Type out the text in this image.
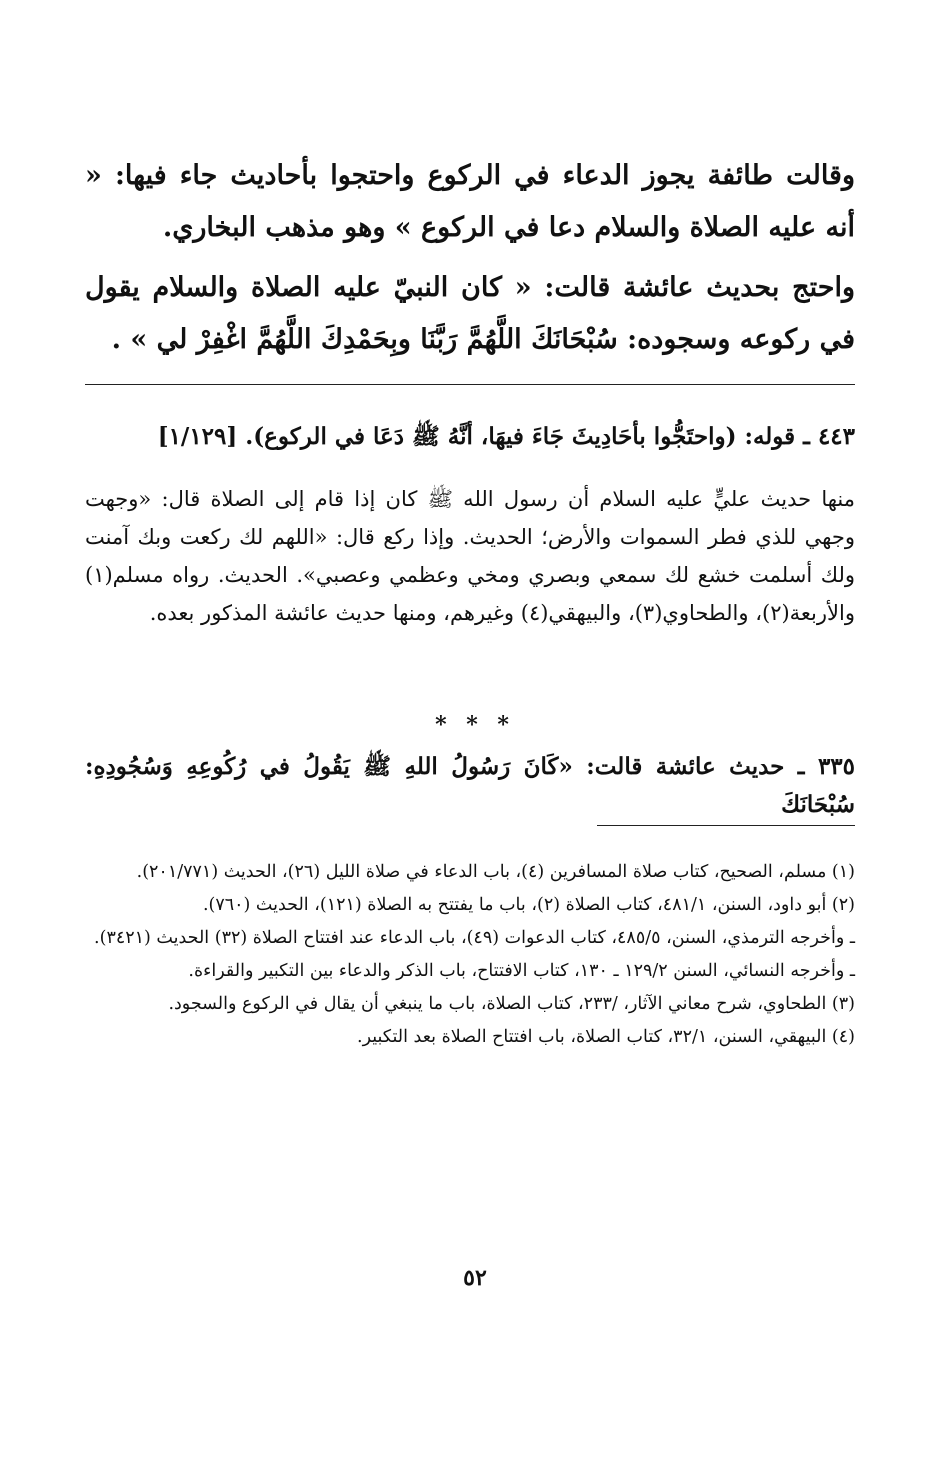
وقالت طائفة يجوز الدعاء في الركوع واحتجوا بأحاديث جاء فيها: « أنه عليه الصلاة والسلام دعا في الركوع » وهو مذهب البخاري.
واحتج بحديث عائشة قالت: « كان النبيّ عليه الصلاة والسلام يقول في ركوعه وسجوده: سُبْحَانَكَ اللَّهُمَّ رَبَّنَا وبِحَمْدِكَ اللَّهُمَّ اغْفِرْ لي » .
٤٤٣ ـ قوله: (واحتَجُّوا بأحَادِيثَ جَاءَ فيهَا، أنَّهُ ﷺ دَعَا في الركوع). [١/١٢٩]
منها حديث عليٍّ عليه السلام أن رسول الله ﷺ كان إذا قام إلى الصلاة قال: «وجهت وجهي للذي فطر السموات والأرض؛ الحديث. وإذا ركع قال: «اللهم لك ركعت وبك آمنت ولك أسلمت خشع لك سمعي وبصري ومخي وعظمي وعصبي». الحديث. رواه مسلم(١) والأربعة(٢)، والطحاوي(٣)، والبيهقي(٤) وغيرهم، ومنها حديث عائشة المذكور بعده.
* * *
٣٣٥ ـ حديث عائشة قالت: «كَانَ رَسُولُ اللهِ ﷺ يَقُولُ في رُكُوعِهِ وَسُجُودِهِ: سُبْحَانَكَ
(١) مسلم، الصحيح، كتاب صلاة المسافرين (٤)، باب الدعاء في صلاة الليل (٢٦)، الحديث (٢٠١/٧٧١).
(٢) أبو داود، السنن، ٤٨١/١، كتاب الصلاة (٢)، باب ما يفتتح به الصلاة (١٢١)، الحديث (٧٦٠).
ـ وأخرجه الترمذي، السنن، ٤٨٥/٥، كتاب الدعوات (٤٩)، باب الدعاء عند افتتاح الصلاة (٣٢) الحديث (٣٤٢١).
ـ وأخرجه النسائي، السنن ١٢٩/٢ ـ ١٣٠، كتاب الافتتاح، باب الذكر والدعاء بين التكبير والقراءة.
(٣) الطحاوي، شرح معاني الآثار، /٢٣٣، كتاب الصلاة، باب ما ينبغي أن يقال في الركوع والسجود.
(٤) البيهقي، السنن، ٣٢/١، كتاب الصلاة، باب افتتاح الصلاة بعد التكبير.
٥٢
